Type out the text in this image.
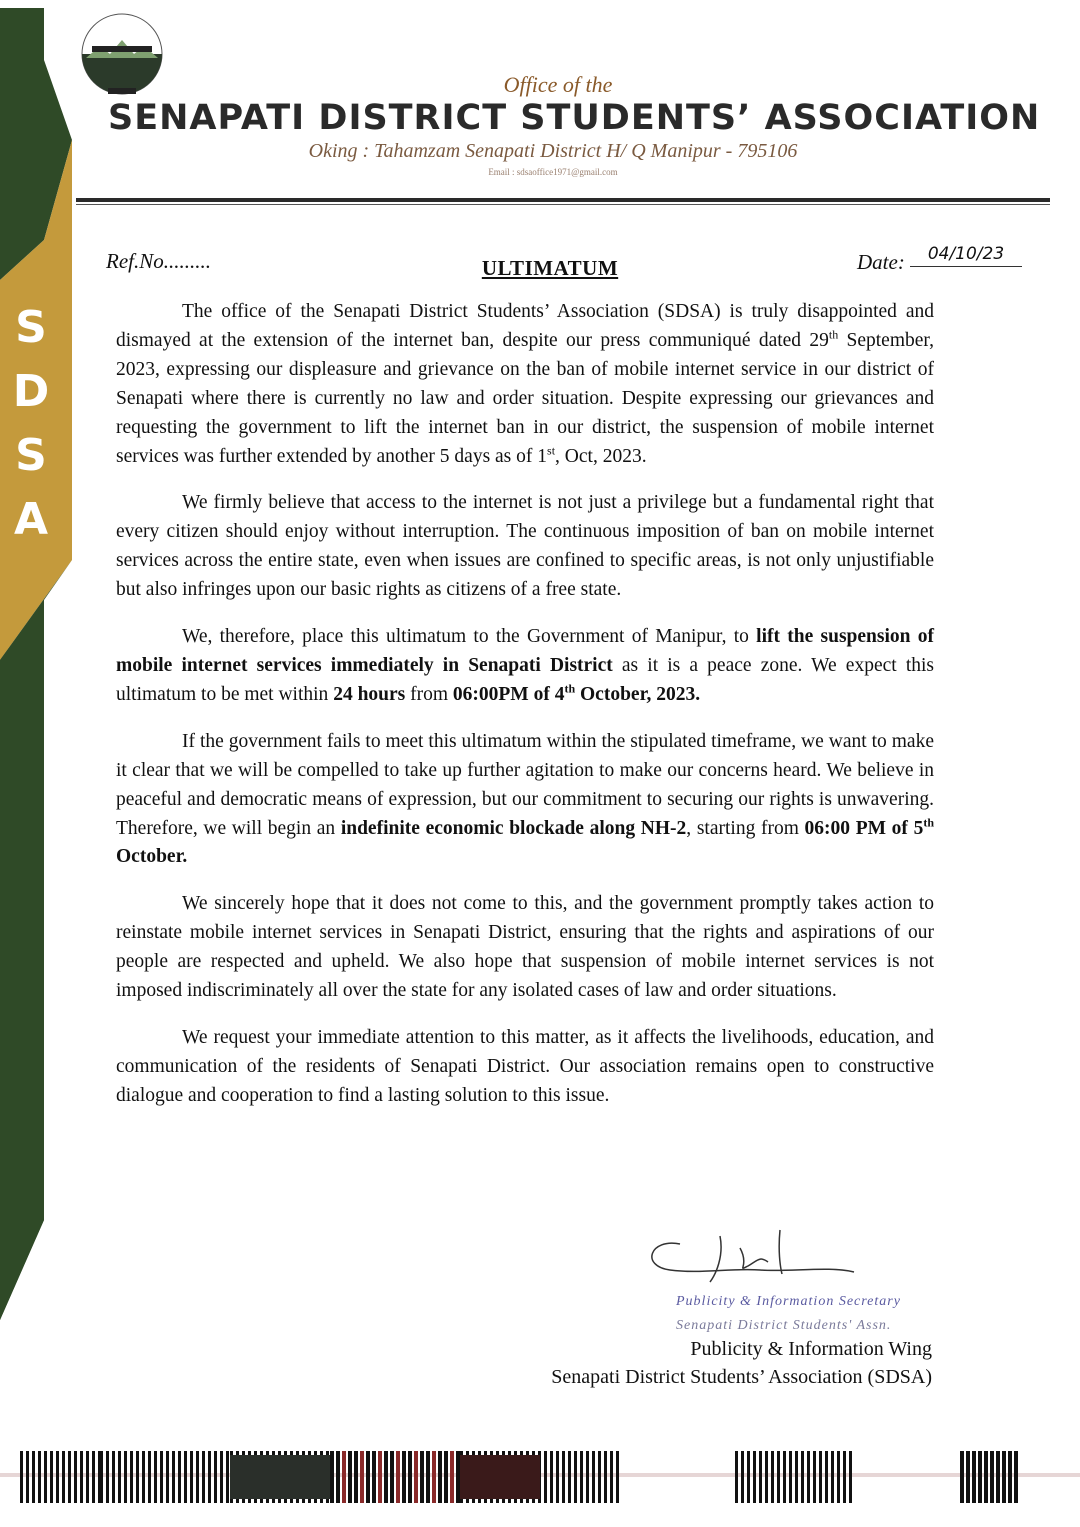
S
D
S
A
Office of the
SENAPATI DISTRICT STUDENTS’ ASSOCIATION
Oking : Tahamzam Senapati District H/ Q Manipur - 795106
Email : sdsaoffice1971@gmail.com
Ref.No.........	ULTIMATUM	Date:	04/10/23

The office of the Senapati District Students’ Association (SDSA) is truly disappointed and dismayed at the extension of the internet ban, despite our press communiqué dated 29th September, 2023, expressing our displeasure and grievance on the ban of mobile internet service in our district of Senapati where there is currently no law and order situation. Despite expressing our grievances and requesting the government to lift the internet ban in our district, the suspension of mobile internet services was further extended by another 5 days as of 1st, Oct, 2023.

We firmly believe that access to the internet is not just a privilege but a fundamental right that every citizen should enjoy without interruption. The continuous imposition of ban on mobile internet services across the entire state, even when issues are confined to specific areas, is not only unjustifiable but also infringes upon our basic rights as citizens of a free state.

We, therefore, place this ultimatum to the Government of Manipur, to lift the suspension of mobile internet services immediately in Senapati District as it is a peace zone. We expect this ultimatum to be met within 24 hours from 06:00PM of 4th October, 2023.

If the government fails to meet this ultimatum within the stipulated timeframe, we want to make it clear that we will be compelled to take up further agitation to make our concerns heard. We believe in peaceful and democratic means of expression, but our commitment to securing our rights is unwavering. Therefore, we will begin an indefinite economic blockade along NH-2, starting from 06:00 PM of 5th October.

We sincerely hope that it does not come to this, and the government promptly takes action to reinstate mobile internet services in Senapati District, ensuring that the rights and aspirations of our people are respected and upheld. We also hope that suspension of mobile internet services is not imposed indiscriminately all over the state for any isolated cases of law and order situations.

We request your immediate attention to this matter, as it affects the livelihoods, education, and communication of the residents of Senapati District. Our association remains open to constructive dialogue and cooperation to find a lasting solution to this issue.

Publicity & Information Secretary
Senapati District Students' Assn.
Publicity & Information Wing
Senapati District Students’ Association (SDSA)
